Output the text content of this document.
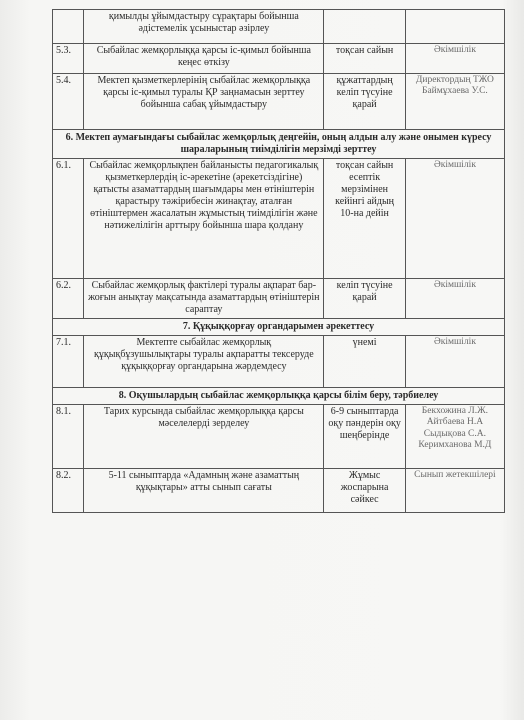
	қимылды ұйымдастыру сұрақтары бойынша әдістемелік ұсыныстар әзірлеу		
5.3.	Сыбайлас жемқорлыққа қарсы іс-қимыл бойынша кеңес өткізу	тоқсан сайын	Әкімшілік
5.4.	Мектеп қызметкерлерінің сыбайлас жемқорлыққа қарсы іс-қимыл туралы ҚР заңнамасын зерттеу бойынша сабақ ұйымдастыру	құжаттардың келіп түсуіне қарай	Директордың ТЖО Баймұхаева У.С.
6. Мектеп аумағындағы сыбайлас жемқорлық деңгейін, оның алдын алу және онымен күресу шараларының тиімділігін мерзімді зерттеу			
6.1.	Сыбайлас жемқорлықпен байланысты педагогикалық қызметкерлердің іс-әрекетіне (әрекетсіздігіне) қатысты азаматтардың шағымдары мен өтініштерін қарастыру тәжірибесін жинақтау, аталған өтініштермен жасалатын жұмыстың тиімділігін және нәтижелілігін арттыру бойынша шара қолдану	тоқсан сайын есептік мерзімінен кейінгі айдың 10-на дейін	Әкімшілік
6.2.	Сыбайлас жемқорлық фактілері туралы ақпарат бар-жоғын анықтау мақсатында азаматтардың өтініштерін сараптау	келіп түсуіне қарай	Әкімшілік
7. Құқыққорғау органдарымен әрекеттесу			
7.1.	Мектепте сыбайлас жемқорлық құқықбұзушылықтары туралы ақпаратты тексеруде құқыққорғау органдарына жәрдемдесу	үнемі	Әкімшілік
8. Оқушылардың сыбайлас жемқорлыққа қарсы білім беру, тәрбиелеу			
8.1.	Тарих курсында сыбайлас жемқорлыққа қарсы мәселелерді зерделеу	6-9 сыныптарда оқу пәндерін оқу шеңберінде	Бекхожина Л.Ж. Айтбаева Н.А Сыдықова С.А. Керимханова М.Д
8.2.	5-11 сыныптарда «Адамның және азаматтың құқықтары» атты сынып сағаты	Жұмыс жоспарына сәйкес	Сынып жетекшілері
